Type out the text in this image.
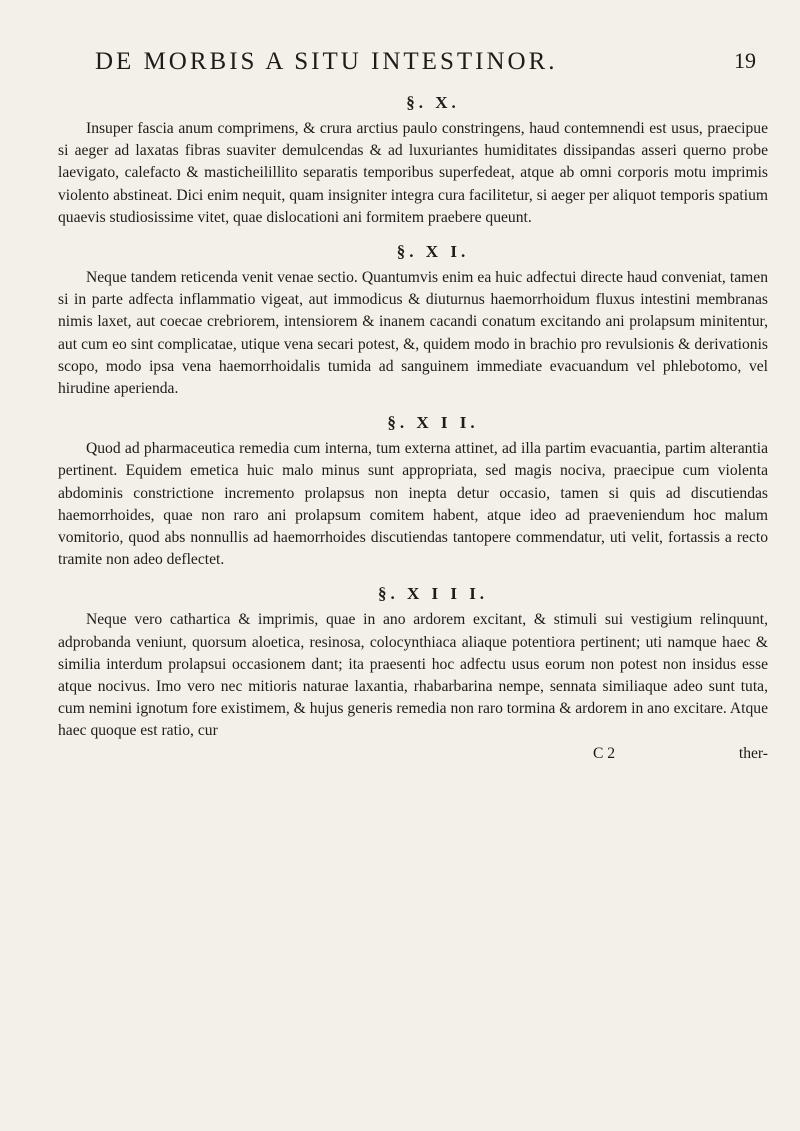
DE MORBIS A SITU INTESTINOR.	19
§. X.

Insuper fascia anum comprimens, & crura arctius paulo constringens, haud contemnendi est usus, praecipue si aeger ad laxatas fibras suaviter demulcendas & ad luxuriantes humiditates dissipandas asseri querno probe laevigato, calefacto & masticheilillito separatis temporibus superfedeat, atque ab omni corporis motu imprimis violento abstineat. Dici enim nequit, quam insigniter integra cura facilitetur, si aeger per aliquot temporis spatium quaevis studiosissime vitet, quae dislocationi ani formitem praebere queunt.

§. X I.

Neque tandem reticenda venit venae sectio. Quantumvis enim ea huic adfectui directe haud conveniat, tamen si in parte adfecta inflammatio vigeat, aut immodicus & diuturnus haemorrhoidum fluxus intestini membranas nimis laxet, aut coecae crebriorem, intensiorem & inanem cacandi conatum excitando ani prolapsum minitentur, aut cum eo sint complicatae, utique vena secari potest, &, quidem modo in brachio pro revulsionis & derivationis scopo, modo ipsa vena haemorrhoidalis tumida ad sanguinem immediate evacuandum vel phlebotomo, vel hirudine aperienda.

§. X I I.

Quod ad pharmaceutica remedia cum interna, tum externa attinet, ad illa partim evacuantia, partim alterantia pertinent. Equidem emetica huic malo minus sunt appropriata, sed magis nociva, praecipue cum violenta abdominis constrictione incremento prolapsus non inepta detur occasio, tamen si quis ad discutiendas haemorrhoides, quae non raro ani prolapsum comitem habent, atque ideo ad praeveniendum hoc malum vomitorio, quod abs nonnullis ad haemorrhoides discutiendas tantopere commendatur, uti velit, fortassis a recto tramite non adeo deflectet.

§. X I I I.

Neque vero cathartica & imprimis, quae in ano ardorem excitant, & stimuli sui vestigium relinquunt, adprobanda veniunt, quorsum aloetica, resinosa, colocynthiaca aliaque potentiora pertinent; uti namque haec & similia interdum prolapsui occasionem dant; ita praesenti hoc adfectu usus eorum non potest non insidus esse atque nocivus. Imo vero nec mitioris naturae laxantia, rhabarbarina nempe, sennata similiaque adeo sunt tuta, cum nemini ignotum fore existimem, & hujus generis remedia non raro tormina & ardorem in ano excitare. Atque haec quoque est ratio, cur

C 2	ther-
